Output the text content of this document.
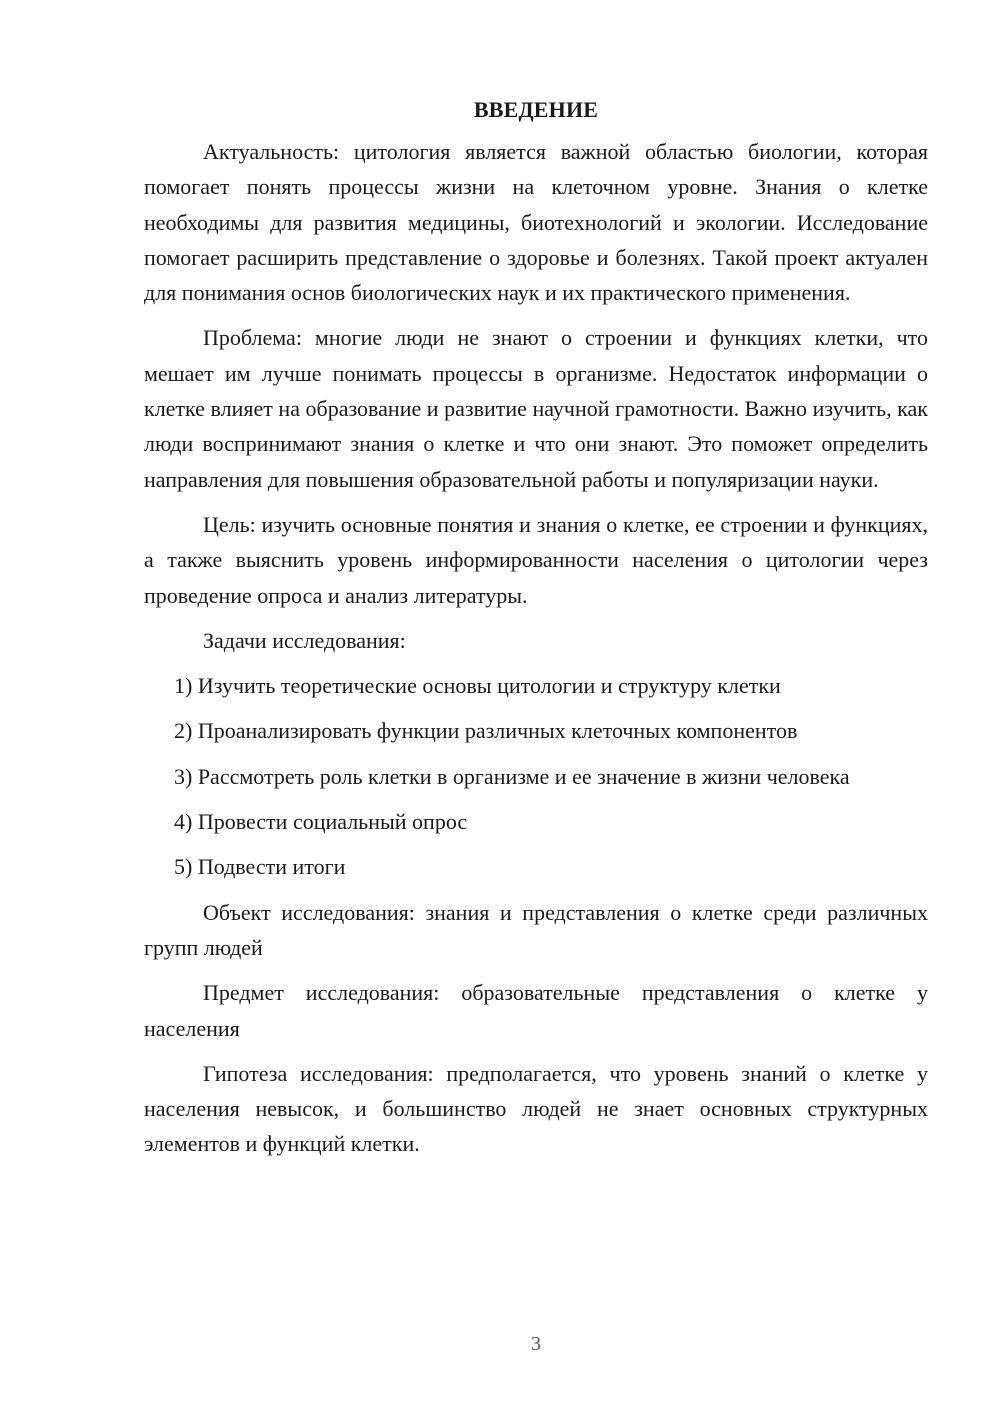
ВВЕДЕНИЕ

Актуальность: цитология является важной областью биологии, которая помогает понять процессы жизни на клеточном уровне. Знания о клетке необходимы для развития медицины, биотехнологий и экологии. Исследование помогает расширить представление о здоровье и болезнях. Такой проект актуален для понимания основ биологических наук и их практического применения.

Проблема: многие люди не знают о строении и функциях клетки, что мешает им лучше понимать процессы в организме. Недостаток информации о клетке влияет на образование и развитие научной грамотности. Важно изучить, как люди воспринимают знания о клетке и что они знают. Это поможет определить направления для повышения образовательной работы и популяризации науки.

Цель: изучить основные понятия и знания о клетке, ее строении и функциях, а также выяснить уровень информированности населения о цитологии через проведение опроса и анализ литературы.

Задачи исследования:

1) Изучить теоретические основы цитологии и структуру клетки

2) Проанализировать функции различных клеточных компонентов

3) Рассмотреть роль клетки в организме и ее значение в жизни человека

4) Провести социальный опрос

5) Подвести итоги

Объект исследования: знания и представления о клетке среди различных групп людей

Предмет исследования: образовательные представления о клетке у населения

Гипотеза исследования: предполагается, что уровень знаний о клетке у населения невысок, и большинство людей не знает основных структурных элементов и функций клетки.

3
